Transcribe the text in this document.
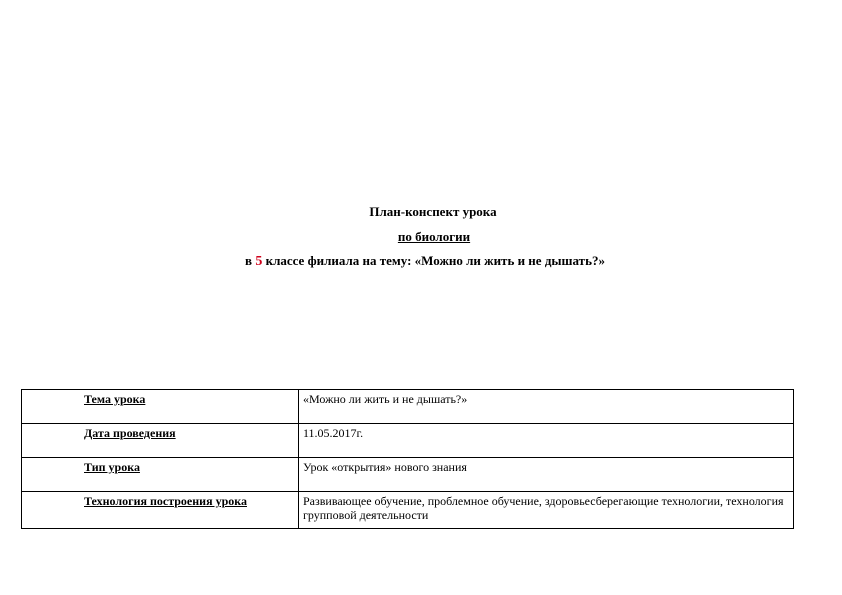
План-конспект урока
по биологии
в 5 классе филиала на тему: «Можно ли жить и не дышать?»
Тема урока	«Можно ли жить и не дышать?»
Дата проведения	11.05.2017г.
Тип урока	Урок «открытия» нового знания
Технология построения урока	Развивающее обучение, проблемное обучение, здоровьесберегающие технологии, технология групповой деятельности
